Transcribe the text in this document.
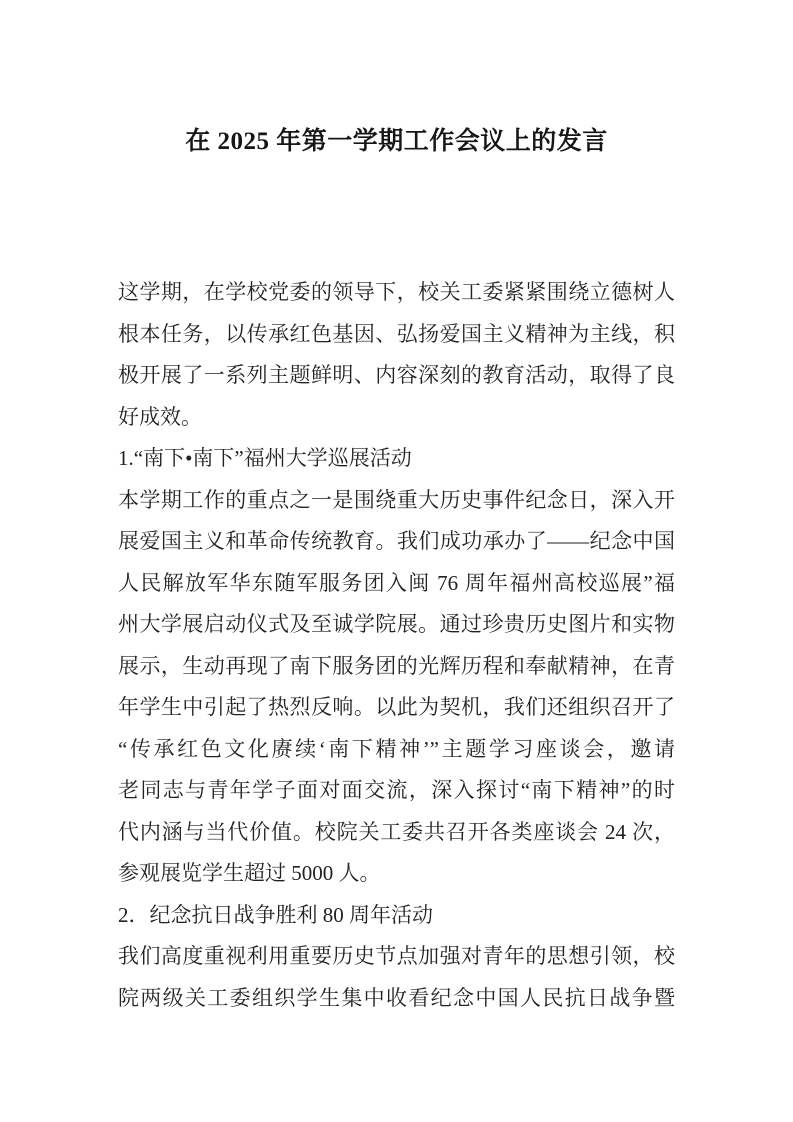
在 2025 年第一学期工作会议上的发言
这学期，在学校党委的领导下，校关工委紧紧围绕立德树人
根本任务，以传承红色基因、弘扬爱国主义精神为主线，积
极开展了一系列主题鲜明、内容深刻的教育活动，取得了良
好成效。
1.“南下•南下”福州大学巡展活动
本学期工作的重点之一是围绕重大历史事件纪念日，深入开
展爱国主义和革命传统教育。我们成功承办了——纪念中国
人民解放军华东随军服务团入闽 76 周年福州高校巡展”福
州大学展启动仪式及至诚学院展。通过珍贵历史图片和实物
展示，生动再现了南下服务团的光辉历程和奉献精神，在青
年学生中引起了热烈反响。以此为契机，我们还组织召开了
“传承红色文化赓续‘南下精神’”主题学习座谈会，邀请
老同志与青年学子面对面交流，深入探讨“南下精神”的时
代内涵与当代价值。校院关工委共召开各类座谈会 24 次，
参观展览学生超过 5000 人。
2．纪念抗日战争胜利 80 周年活动
我们高度重视利用重要历史节点加强对青年的思想引领，校
院两级关工委组织学生集中收看纪念中国人民抗日战争暨
